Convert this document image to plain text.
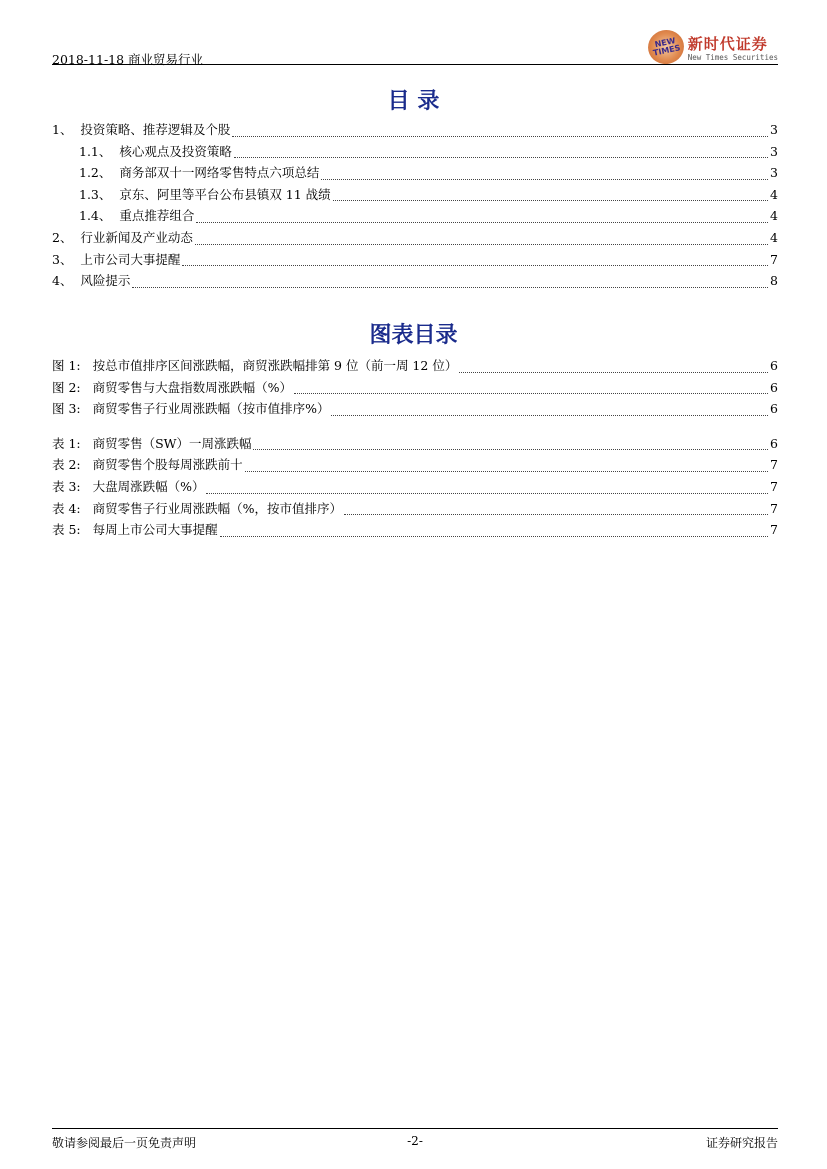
2018-11-18 商业贸易行业
NEW TIMES 新时代证券
New Times Securities
目 录
1、 投资策略、推荐逻辑及个股	3
1.1、 核心观点及投资策略	3
1.2、 商务部双十一网络零售特点六项总结	3
1.3、 京东、阿里等平台公布县镇双 11 战绩	4
1.4、 重点推荐组合	4
2、 行业新闻及产业动态	4
3、 上市公司大事提醒	7
4、 风险提示	8
图表目录
图 1: 按总市值排序区间涨跌幅，商贸涨跌幅排第 9 位（前一周 12 位）	6
图 2: 商贸零售与大盘指数周涨跌幅（%）	6
图 3: 商贸零售子行业周涨跌幅（按市值排序%）	6
表 1: 商贸零售（SW）一周涨跌幅	6
表 2: 商贸零售个股每周涨跌前十	7
表 3: 大盘周涨跌幅（%）	7
表 4: 商贸零售子行业周涨跌幅（%，按市值排序）	7
表 5: 每周上市公司大事提醒	7
敬请参阅最后一页免责声明	-2-	证券研究报告
